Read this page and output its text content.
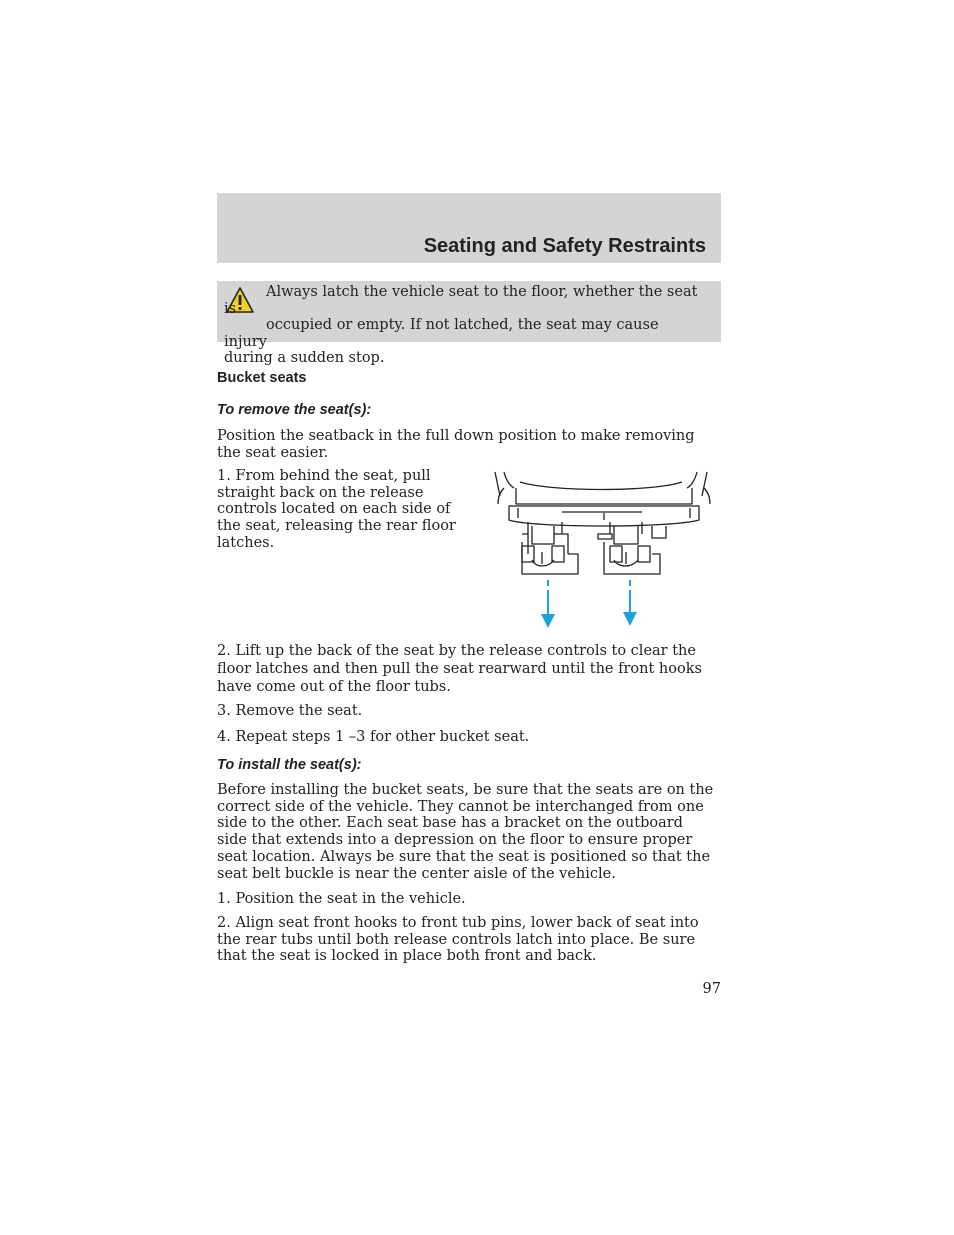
Seating and Safety Restraints

Always latch the vehicle seat to the floor, whether the seat is
occupied or empty. If not latched, the seat may cause injury
during a sudden stop.

Bucket seats
To remove the seat(s):

Position the seatback in the full down position to make removing the seat easier.

1. From behind the seat, pull straight back on the release controls located on each side of the seat, releasing the rear floor latches.

2. Lift up the back of the seat by the release controls to clear the floor latches and then pull the seat rearward until the front hooks have come out of the floor tubs.

3. Remove the seat.

4. Repeat steps 1 –3 for other bucket seat.

To install the seat(s):

Before installing the bucket seats, be sure that the seats are on the correct side of the vehicle. They cannot be interchanged from one side to the other. Each seat base has a bracket on the outboard side that extends into a depression on the floor to ensure proper seat location. Always be sure that the seat is positioned so that the seat belt buckle is near the center aisle of the vehicle.

1. Position the seat in the vehicle.

2. Align seat front hooks to front tub pins, lower back of seat into the rear tubs until both release controls latch into place. Be sure that the seat is locked in place both front and back.

97
